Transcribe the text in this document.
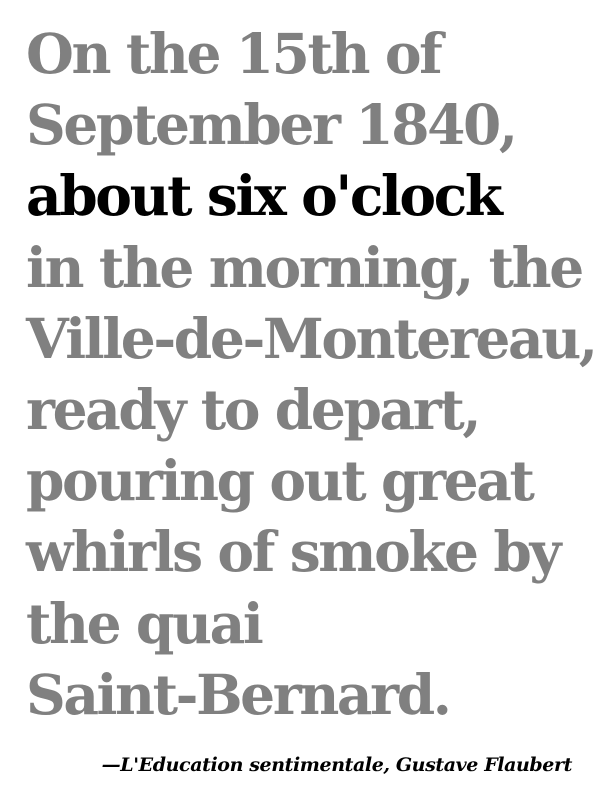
On the 15th of
September 1840,
about six o'clock
in the morning, the
Ville-de-Montereau,
ready to depart,
pouring out great
whirls of smoke by
the quai
Saint-Bernard.

—L'Education sentimentale, Gustave Flaubert
